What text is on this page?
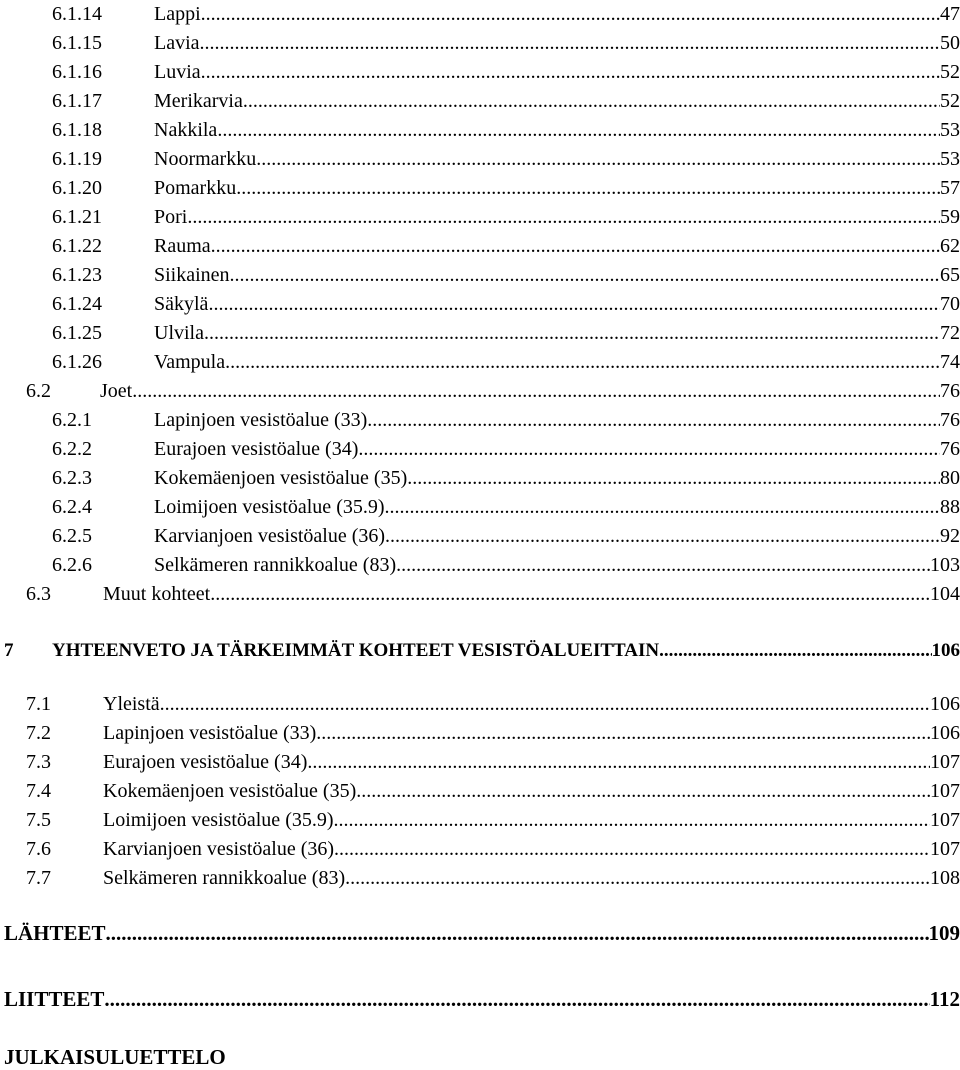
6.1.14	Lappi .....	47
6.1.15	Lavia .....	50
6.1.16	Luvia .....	52
6.1.17	Merikarvia .....	52
6.1.18	Nakkila .....	53
6.1.19	Noormarkku .....	53
6.1.20	Pomarkku .....	57
6.1.21	Pori .....	59
6.1.22	Rauma .....	62
6.1.23	Siikainen .....	65
6.1.24	Säkylä .....	70
6.1.25	Ulvila .....	72
6.1.26	Vampula .....	74
6.2 Joet .....	76
6.2.1	Lapinjoen vesistöalue (33) .....	76
6.2.2	Eurajoen vesistöalue (34) .....	76
6.2.3	Kokemäenjoen vesistöalue (35) .....	80
6.2.4	Loimijoen vesistöalue (35.9) .....	88
6.2.5	Karvianjoen vesistöalue (36) .....	92
6.2.6	Selkämeren rannikkoalue (83) .....	103
6.3	Muut kohteet .....	104
7 YHTEENVETO JA TÄRKEIMMÄT KOHTEET VESISTÖALUEITTAIN .....	106
7.1	Yleistä .....	106
7.2	Lapinjoen vesistöalue (33) .....	106
7.3	Eurajoen vesistöalue (34) .....	107
7.4	Kokemäenjoen vesistöalue (35) .....	107
7.5	Loimijoen vesistöalue (35.9) .....	107
7.6	Karvianjoen vesistöalue (36) .....	107
7.7	Selkämeren rannikkoalue (83) .....	108
LÄHTEET .....	109
LIITTEET .....	112
JULKAISULUETTELO
